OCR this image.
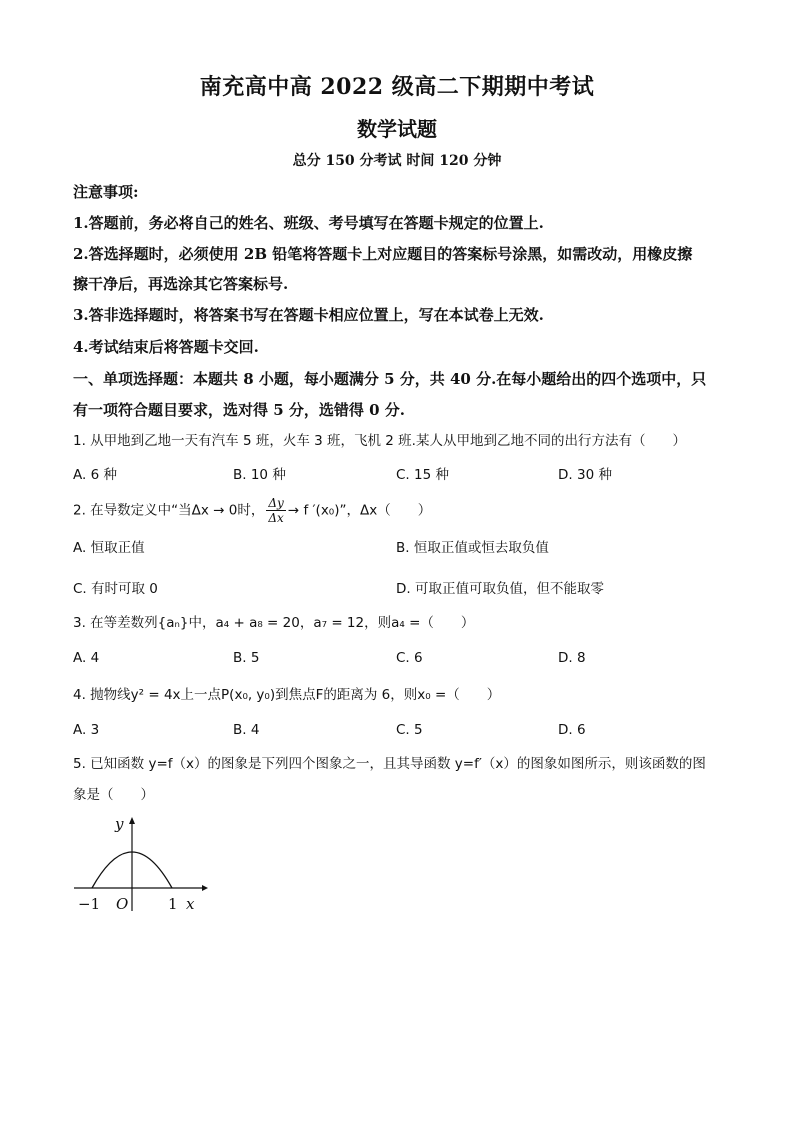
南充高中高 2022 级高二下期期中考试
数学试题
总分 150 分考试 时间 120 分钟
注意事项:
1.答题前，务必将自己的姓名、班级、考号填写在答题卡规定的位置上.
2.答选择题时，必须使用 2B 铅笔将答题卡上对应题目的答案标号涂黑，如需改动，用橡皮擦
擦干净后，再选涂其它答案标号.
3.答非选择题时，将答案书写在答题卡相应位置上，写在本试卷上无效.
4.考试结束后将答题卡交回.
一、单项选择题：本题共 8 小题，每小题满分 5 分，共 40 分.在每小题给出的四个选项中，只
有一项符合题目要求，选对得 5 分，选错得 0 分.
1. 从甲地到乙地一天有汽车 5 班，火车 3 班，飞机 2 班.某人从甲地到乙地不同的出行方法有（　　）
A. 6 种	B. 10 种	C. 15 种	D. 30 种
2. 在导数定义中“当Δx → 0时， $\frac{\Delta y}{\Delta x} \to f$ ′(x₀)”，Δx（　　）
A. 恒取正值	B. 恒取正值或恒去取负值
C. 有时可取 0	D. 可取正值可取负值，但不能取零
3. 在等差数列{aₙ}中，a₄ + a₈ = 20，a₇ = 12，则a₄ =（　　）
A. 4	B. 5	C. 6	D. 8
4. 抛物线y² = 4x上一点P(x₀, y₀)到焦点F的距离为 6，则x₀ =（　　）
A. 3	B. 4	C. 5	D. 6
5. 已知函数 y=f（x）的图象是下列四个图象之一，且其导函数 y=f′（x）的图象如图所示，则该函数的图
象是（　　）
y
x
O
−1	1
